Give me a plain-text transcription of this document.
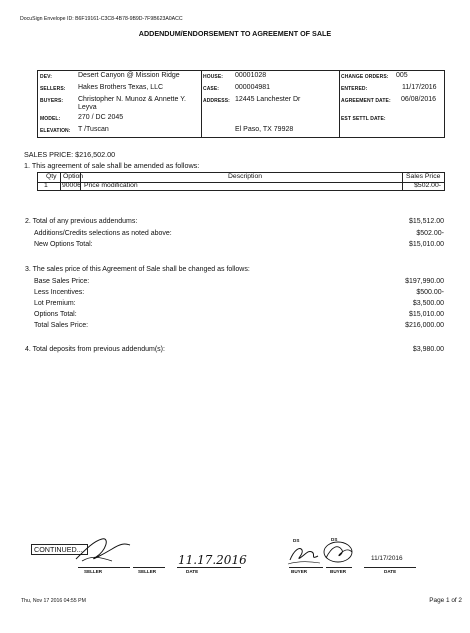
DocuSign Envelope ID: B6F19161-C3C8-4B78-9B9D-7F9B623A0ACC
ADDENDUM/ENDORSEMENT TO AGREEMENT OF SALE
DEV:	Desert Canyon @ Mission Ridge
SELLERS: Hakes Brothers Texas, LLC
BUYERS: Christopher N. Munoz & Annette Y.
Leyva
MODEL:	270 / DC 2045
ELEVATION: T /Tuscan
HOUSE: 00001028
CASE: 000004981
ADDRESS: 12445 Lanchester Dr
El Paso, TX 79928
CHANGE ORDERS: 005
ENTERED:	11/17/2016
AGREEMENT DATE: 06/08/2016
EST SETTL DATE:
SALES PRICE: $216,502.00
1. This agreement of sale shall be amended as follows:
Qty Option	Description	Sales Price
1 90006 Price modification	$502.00-
2. Total of any previous addendums:	$15,512.00
Additions/Credits selections as noted above:	$502.00-
New Options Total:	$15,010.00
3. The sales price of this Agreement of Sale shall be changed as follows:
Base Sales Price:	$197,990.00
Less Incentives:	$500.00-
Lot Premium:	$3,500.00
Options Total:	$15,010.00
Total Sales Price:	$216,000.00
4. Total deposits from previous addendum(s):	$3,980.00
CONTINUED....
SELLER	SELLER	DATE
11.17.2016
DS	DS
BUYER	BUYER	DATE
11/17/2016
Thu, Nov 17 2016 04:55 PM	Page 1 of 2
